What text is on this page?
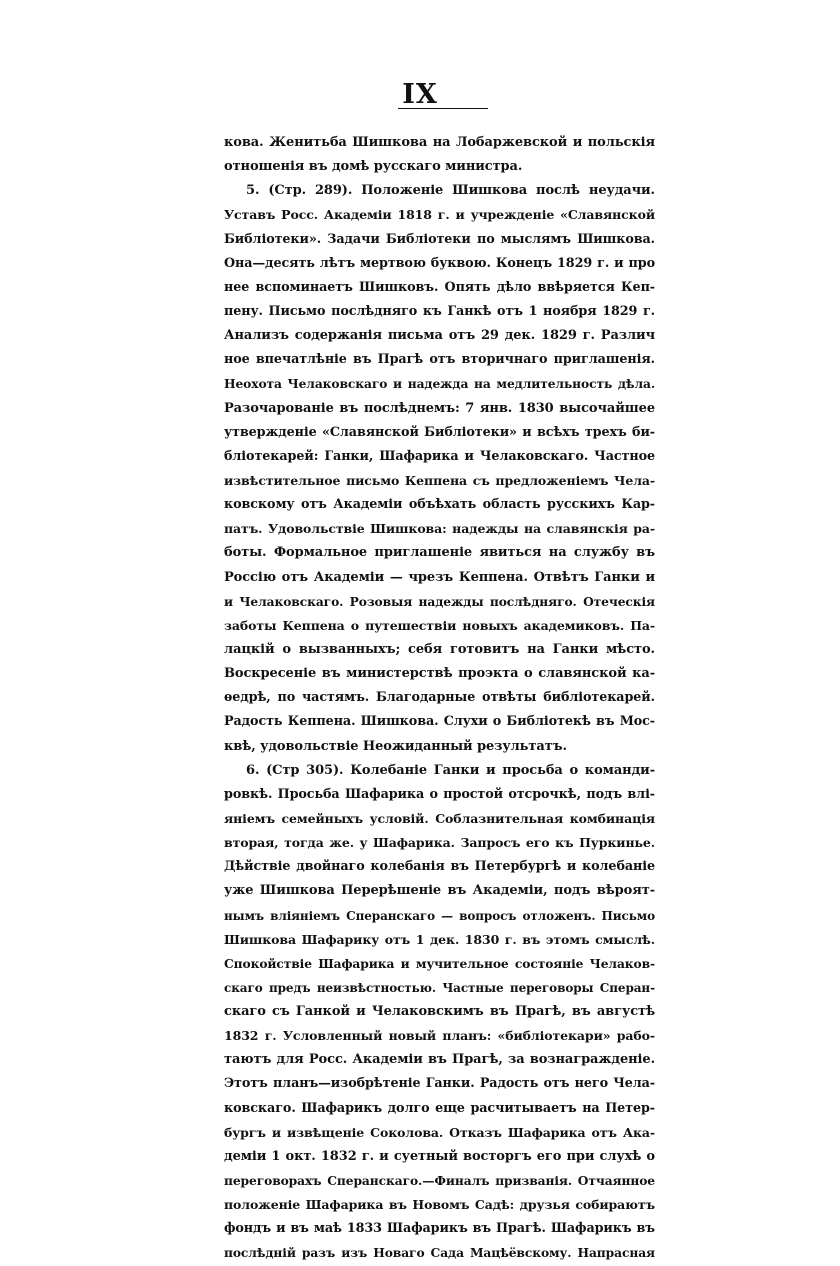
IX
кова. Женитьба Шишкова на Лобаржевской и польскія
отношенія въ домѣ русскаго министра.
5. (Стр. 289). Положеніе Шишкова послѣ неудачи.
Уставъ Росс. Академіи 1818 г. и учрежденіе «Славянской
Библіотеки». Задачи Библіотеки по мыслямъ Шишкова.
Она—десять лѣтъ мертвою буквою. Конецъ 1829 г. и про
нее вспоминаетъ Шишковъ. Опять дѣло ввѣряется Кеп-
пену. Письмо послѣдняго къ Ганкѣ отъ 1 ноября 1829 г.
Анализъ содержанія письма отъ 29 дек. 1829 г. Различ
ное впечатлѣніе въ Прагѣ отъ вторичнаго приглашенія.
Неохота Челаковскаго и надежда на медлительность дѣла.
Разочарованіе въ послѣднемъ: 7 янв. 1830 высочайшее
утвержденіе «Славянской Библіотеки» и всѣхъ трехъ би-
бліотекарей: Ганки, Шафарика и Челаковскаго. Частное
извѣстительное письмо Кеппена съ предложеніемъ Чела-
ковскому отъ Академіи объѣхать область русскихъ Кар-
патъ. Удовольствіе Шишкова: надежды на славянскія ра-
боты. Формальное приглашеніе явиться на службу въ
Россію отъ Академіи — чрезъ Кеппена. Отвѣтъ Ганки и
и Челаковскаго. Розовыя надежды послѣдняго. Отеческія
заботы Кеппена о путешествіи новыхъ академиковъ. Па-
лацкій о вызванныхъ; себя готовитъ на Ганки мѣсто.
Воскресеніе въ министерствѣ проэкта о славянской ка-
ѳедрѣ, по частямъ. Благодарные отвѣты библіотекарей.
Радость Кеппена. Шишкова. Слухи о Библіотекѣ въ Мос-
квѣ, удовольствіе Неожиданный результатъ.
6. (Стр 305). Колебаніе Ганки и просьба о команди-
ровкѣ. Просьба Шафарика о простой отсрочкѣ, подъ влі-
яніемъ семейныхъ условій. Соблазнительная комбинація
вторая, тогда же. у Шафарика. Запросъ его къ Пуркинье.
Дѣйствіе двойнаго колебанія въ Петербургѣ и колебаніе
уже Шишкова Перерѣшеніе въ Академіи, подъ вѣроят-
нымъ вліяніемъ Сперанскаго — вопросъ отложенъ. Письмо
Шишкова Шафарику отъ 1 дек. 1830 г. въ этомъ смыслѣ.
Спокойствіе Шафарика и мучительное состояніе Челаков-
скаго предъ неизвѣстностью. Частные переговоры Сперан-
скаго съ Ганкой и Челаковскимъ въ Прагѣ, въ августѣ
1832 г. Условленный новый планъ: «библіотекари» рабо-
таютъ для Росс. Академіи въ Прагѣ, за вознагражденіе.
Этотъ планъ—изобрѣтеніе Ганки. Радость отъ него Чела-
ковскаго. Шафарикъ долго еще расчитываетъ на Петер-
бургъ и извѣщеніе Соколова. Отказъ Шафарика отъ Ака-
деміи 1 окт. 1832 г. и суетный восторгъ его при слухѣ о
переговорахъ Сперанскаго.—Финалъ призванія. Отчаянное
положеніе Шафарика въ Новомъ Садѣ: друзья собираютъ
фондъ и въ маѣ 1833 Шафарикъ въ Прагѣ. Шафарикъ въ
послѣдній разъ изъ Новаго Сада Мацѣёвскому. Напрасная
